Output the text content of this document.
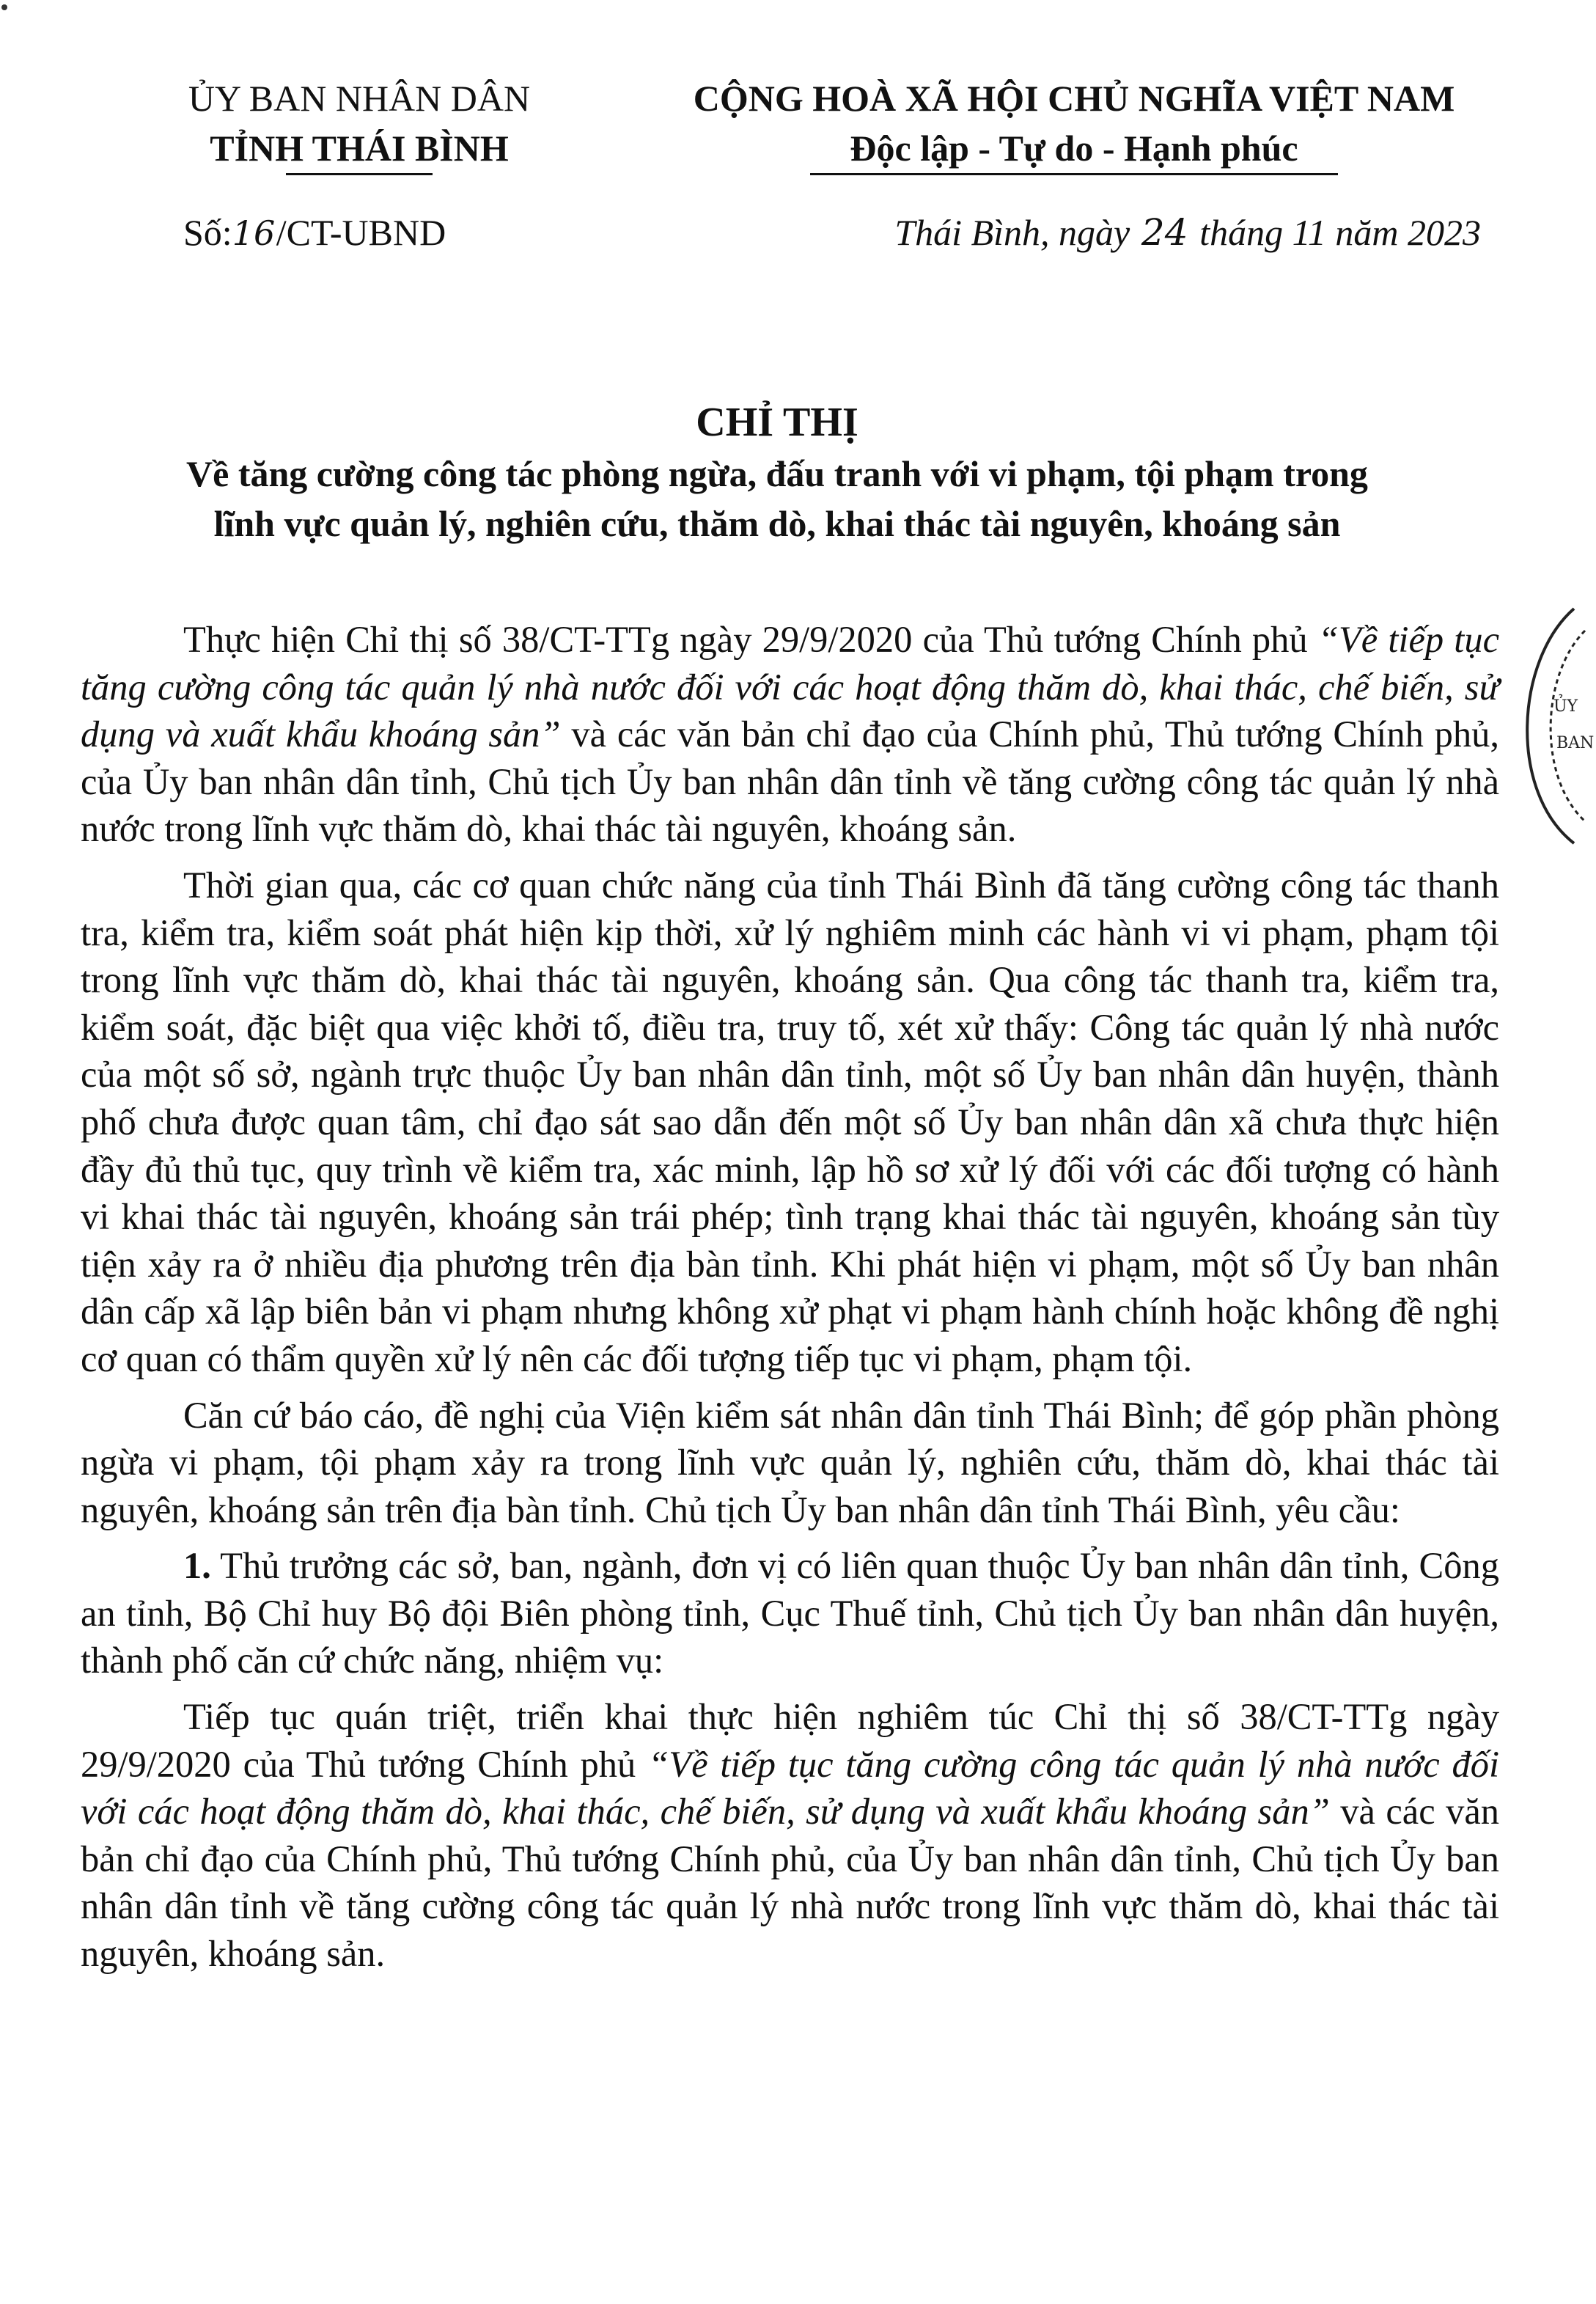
ỦY BAN NHÂN DÂN
TỈNH THÁI BÌNH
Số:16/CT-UBND
CỘNG HOÀ XÃ HỘI CHỦ NGHĨA VIỆT NAM
Độc lập - Tự do - Hạnh phúc
Thái Bình, ngày 24 tháng 11 năm 2023
CHỈ THỊ
Về tăng cường công tác phòng ngừa, đấu tranh với vi phạm, tội phạm trong
lĩnh vực quản lý, nghiên cứu, thăm dò, khai thác tài nguyên, khoáng sản
ỦY
BAN

Thực hiện Chỉ thị số 38/CT-TTg ngày 29/9/2020 của Thủ tướng Chính phủ “Về tiếp tục tăng cường công tác quản lý nhà nước đối với các hoạt động thăm dò, khai thác, chế biến, sử dụng và xuất khẩu khoáng sản” và các văn bản chỉ đạo của Chính phủ, Thủ tướng Chính phủ, của Ủy ban nhân dân tỉnh, Chủ tịch Ủy ban nhân dân tỉnh về tăng cường công tác quản lý nhà nước trong lĩnh vực thăm dò, khai thác tài nguyên, khoáng sản.

Thời gian qua, các cơ quan chức năng của tỉnh Thái Bình đã tăng cường công tác thanh tra, kiểm tra, kiểm soát phát hiện kịp thời, xử lý nghiêm minh các hành vi vi phạm, phạm tội trong lĩnh vực thăm dò, khai thác tài nguyên, khoáng sản. Qua công tác thanh tra, kiểm tra, kiểm soát, đặc biệt qua việc khởi tố, điều tra, truy tố, xét xử thấy: Công tác quản lý nhà nước của một số sở, ngành trực thuộc Ủy ban nhân dân tỉnh, một số Ủy ban nhân dân huyện, thành phố chưa được quan tâm, chỉ đạo sát sao dẫn đến một số Ủy ban nhân dân xã chưa thực hiện đầy đủ thủ tục, quy trình về kiểm tra, xác minh, lập hồ sơ xử lý đối với các đối tượng có hành vi khai thác tài nguyên, khoáng sản trái phép; tình trạng khai thác tài nguyên, khoáng sản tùy tiện xảy ra ở nhiều địa phương trên địa bàn tỉnh. Khi phát hiện vi phạm, một số Ủy ban nhân dân cấp xã lập biên bản vi phạm nhưng không xử phạt vi phạm hành chính hoặc không đề nghị cơ quan có thẩm quyền xử lý nên các đối tượng tiếp tục vi phạm, phạm tội.

Căn cứ báo cáo, đề nghị của Viện kiểm sát nhân dân tỉnh Thái Bình; để góp phần phòng ngừa vi phạm, tội phạm xảy ra trong lĩnh vực quản lý, nghiên cứu, thăm dò, khai thác tài nguyên, khoáng sản trên địa bàn tỉnh. Chủ tịch Ủy ban nhân dân tỉnh Thái Bình, yêu cầu:

1. Thủ trưởng các sở, ban, ngành, đơn vị có liên quan thuộc Ủy ban nhân dân tỉnh, Công an tỉnh, Bộ Chỉ huy Bộ đội Biên phòng tỉnh, Cục Thuế tỉnh, Chủ tịch Ủy ban nhân dân huyện, thành phố căn cứ chức năng, nhiệm vụ:

Tiếp tục quán triệt, triển khai thực hiện nghiêm túc Chỉ thị số 38/CT-TTg ngày 29/9/2020 của Thủ tướng Chính phủ “Về tiếp tục tăng cường công tác quản lý nhà nước đối với các hoạt động thăm dò, khai thác, chế biến, sử dụng và xuất khẩu khoáng sản” và các văn bản chỉ đạo của Chính phủ, Thủ tướng Chính phủ, của Ủy ban nhân dân tỉnh, Chủ tịch Ủy ban nhân dân tỉnh về tăng cường công tác quản lý nhà nước trong lĩnh vực thăm dò, khai thác tài nguyên, khoáng sản.
